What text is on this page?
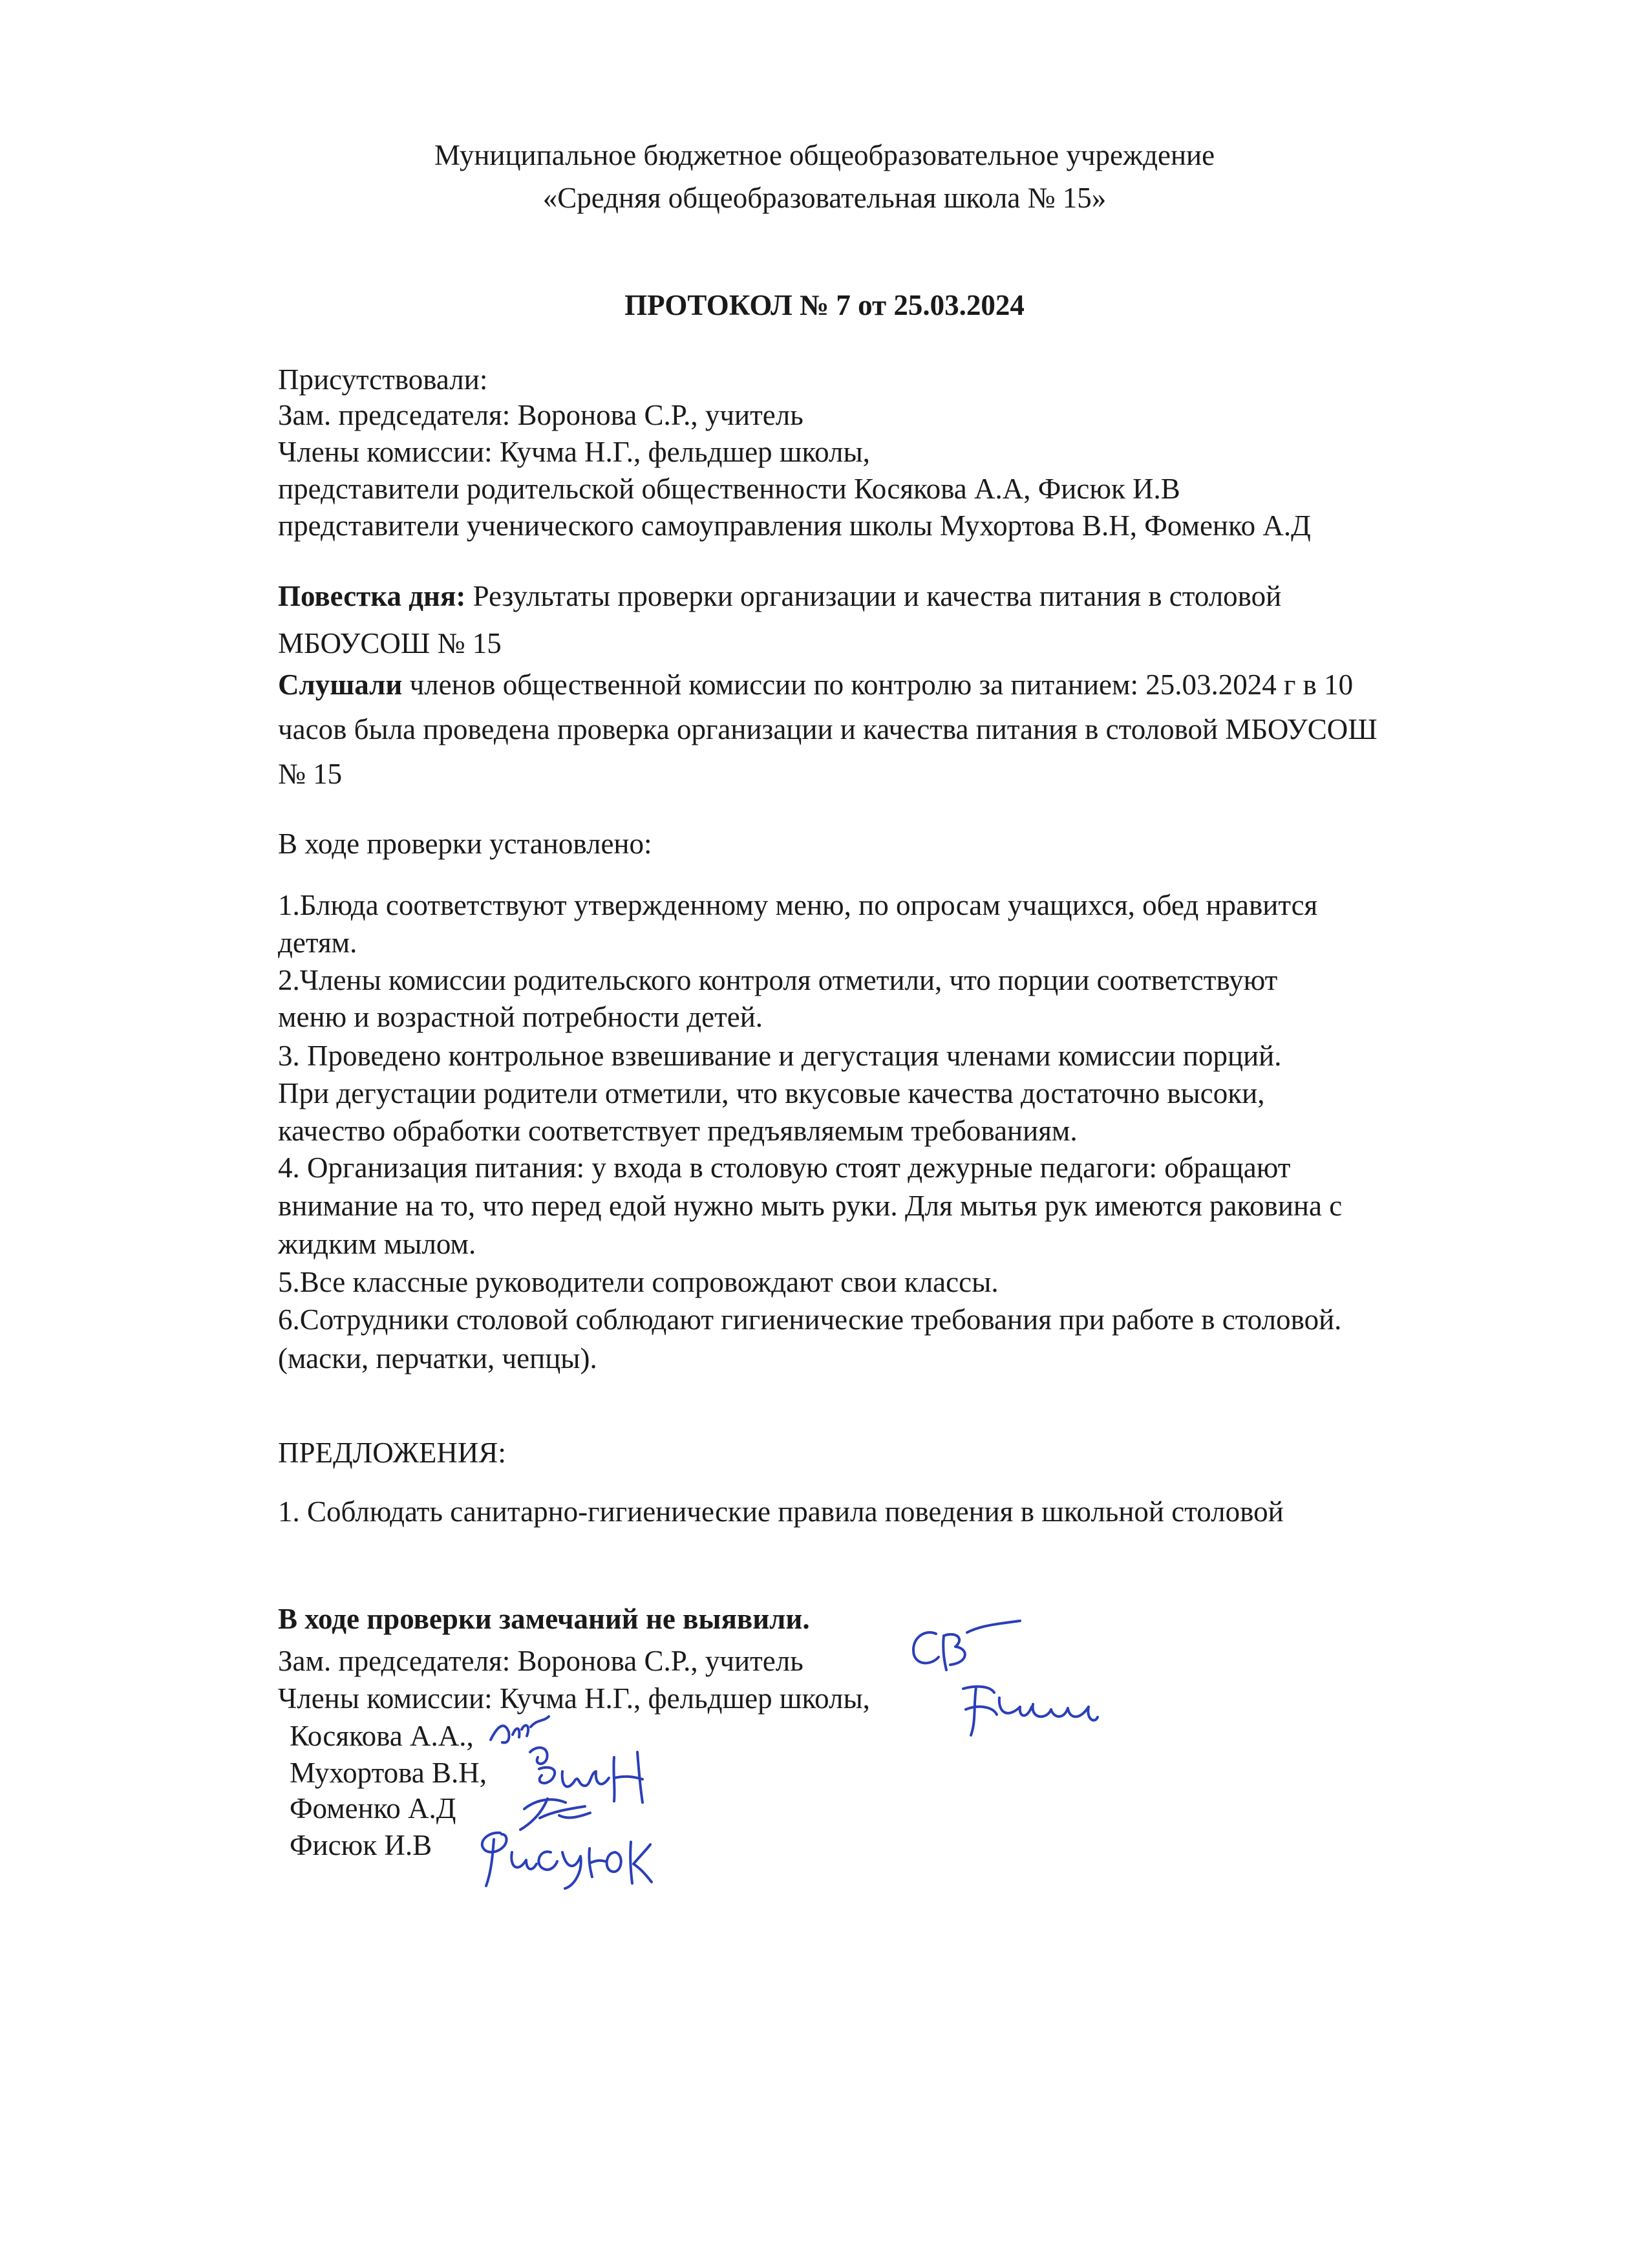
Муниципальное бюджетное общеобразовательное учреждение
«Средняя общеобразовательная школа № 15»
ПРОТОКОЛ № 7 от 25.03.2024
Присутствовали:
Зам. председателя: Воронова С.Р., учитель
Члены комиссии: Кучма Н.Г., фельдшер школы,
представители родительской общественности Косякова А.А, Фисюк И.В
представители ученического самоуправления школы Мухортова В.Н, Фоменко А.Д
Повестка дня: Результаты проверки организации и качества питания в столовой
МБОУСОШ № 15
Слушали членов общественной комиссии по контролю за питанием: 25.03.2024 г в 10
часов была проведена проверка организации и качества питания в столовой МБОУСОШ
№ 15
В ходе проверки установлено:
1.Блюда соответствуют утвержденному меню, по опросам учащихся, обед нравится
детям.
2.Члены комиссии родительского контроля отметили, что порции соответствуют
меню и возрастной потребности детей.
3. Проведено контрольное взвешивание и дегустация членами комиссии порций.
При дегустации родители отметили, что вкусовые качества достаточно высоки,
качество обработки соответствует предъявляемым требованиям.
4. Организация питания: у входа в столовую стоят дежурные педагоги: обращают
внимание на то, что перед едой нужно мыть руки. Для мытья рук имеются раковина с
жидким мылом.
5.Все классные руководители сопровождают свои классы.
6.Сотрудники столовой соблюдают гигиенические требования при работе в столовой.
(маски, перчатки, чепцы).
ПРЕДЛОЖЕНИЯ:
1. Соблюдать санитарно-гигиенические правила поведения в школьной столовой
В ходе проверки замечаний не выявили.
Зам. председателя: Воронова С.Р., учитель
Члены комиссии: Кучма Н.Г., фельдшер школы,
Косякова А.А.,
Мухортова В.Н,
Фоменко А.Д
Фисюк И.В
